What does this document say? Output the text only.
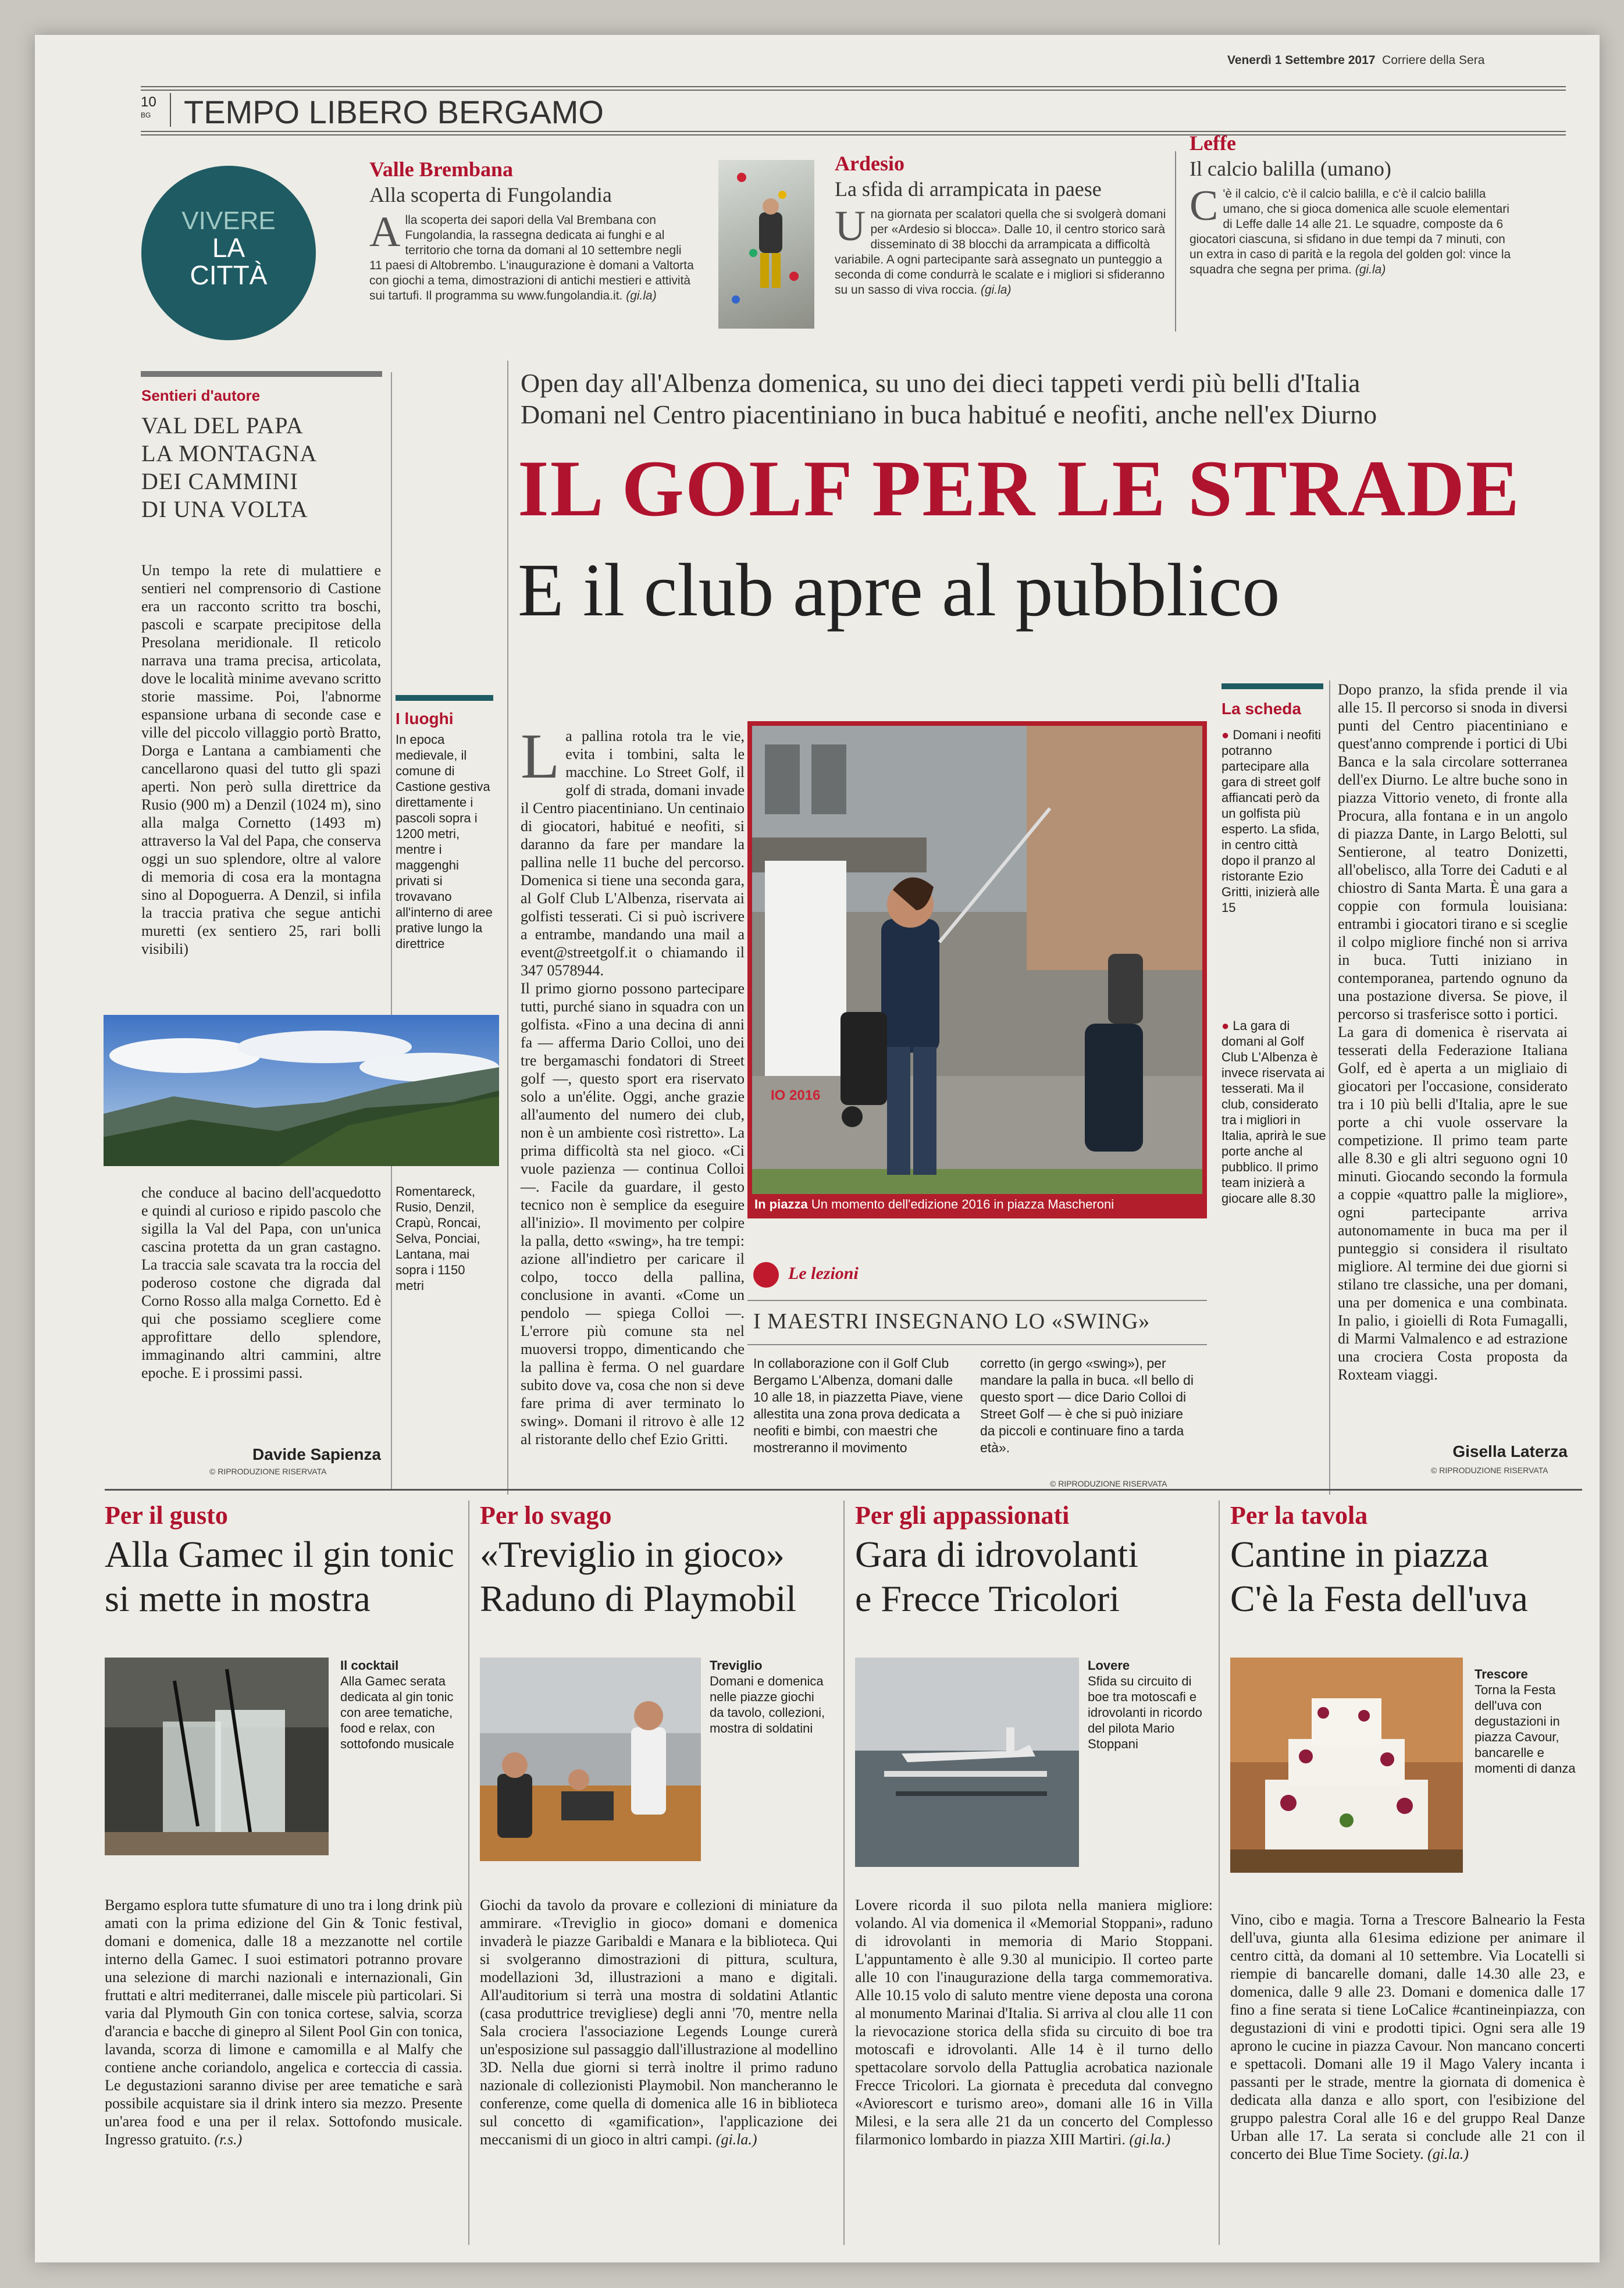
10
BG TEMPO LIBERO BERGAMO
Venerdì 1 Settembre 2017 Corriere della Sera
VIVERE
LA
CITTÀ
Valle Brembana
Alla scoperta di Fungolandia
Alla scoperta dei sapori della Val Brembana con Fungolandia, la rassegna dedicata ai funghi e al territorio che torna da domani al 10 settembre negli 11 paesi di Altobrembo. L'inaugurazione è domani a Valtorta con giochi a tema, dimostrazioni di antichi mestieri e attività sui tartufi. Il programma su www.fungolandia.it. (gi.la)
Ardesio
La sfida di arrampicata in paese
Una giornata per scalatori quella che si svolgerà domani per «Ardesio si blocca». Dalle 10, il centro storico sarà disseminato di 38 blocchi da arrampicata a difficoltà variabile. A ogni partecipante sarà assegnato un punteggio a seconda di come condurrà le scalate e i migliori si sfideranno su un sasso di viva roccia. (gi.la)
Leffe
Il calcio balilla (umano)
C 'è il calcio, c'è il calcio balilla, e c'è il calcio balilla umano, che si gioca domenica alle scuole elementari di Leffe dalle 14 alle 21. Le squadre, composte da 6 giocatori ciascuna, si sfidano in due tempi da 7 minuti, con un extra in caso di parità e la regola del golden gol: vince la squadra che segna per prima. (gi.la)
Sentieri d'autore
VAL DEL PAPA
LA MONTAGNA
DEI CAMMINI
DI UNA VOLTA
Un tempo la rete di mulattiere e sentieri nel comprensorio di Castione era un racconto scritto tra boschi, pascoli e scarpate precipitose della Presolana meridionale. Il reticolo narrava una trama precisa, articolata, dove le località minime avevano scritto storie massime. Poi, l'abnorme espansione urbana di seconde case e ville del piccolo villaggio portò Bratto, Dorga e Lantana a cambiamenti che cancellarono quasi del tutto gli spazi aperti. Non però sulla direttrice da Rusio (900 m) a Denzil (1024 m), sino alla malga Cornetto (1493 m) attraverso la Val del Papa, che conserva oggi un suo splendore, oltre al valore di memoria di cosa era la montagna sino al Dopoguerra. A Denzil, si infila la traccia prativa che segue antichi muretti (ex sentiero 25, rari bolli visibili)
I luoghi
In epoca medievale, il comune di Castione gestiva direttamente i pascoli sopra i 1200 metri, mentre i maggenghi privati si trovavano all'interno di aree prative lungo la direttrice
che conduce al bacino dell'acquedotto e quindi al curioso e ripido pascolo che sigilla la Val del Papa, con un'unica cascina protetta da un gran castagno. La traccia sale scavata tra la roccia del poderoso costone che digrada dal Corno Rosso alla malga Cornetto. Ed è qui che possiamo scegliere come approfittare dello splendore, immaginando altri cammini, altre epoche. E i prossimi passi.
Davide Sapienza
© RIPRODUZIONE RISERVATA
Romentareck, Rusio, Denzil, Crapù, Roncai, Selva, Ponciai, Lantana, mai sopra i 1150 metri
Open day all'Albenza domenica, su uno dei dieci tappeti verdi più belli d'Italia
Domani nel Centro piacentiniano in buca habitué e neofiti, anche nell'ex Diurno
IL GOLF PER LE STRADE
E il club apre al pubblico
La pallina rotola tra le vie, evita i tombini, salta le macchine. Lo Street Golf, il golf di strada, domani invade il Centro piacentiniano. Un centinaio di giocatori, habitué e neofiti, si daranno da fare per mandare la pallina nelle 11 buche del percorso. Domenica si tiene una seconda gara, al Golf Club L'Albenza, riservata ai golfisti tesserati. Ci si può iscrivere a entrambe, mandando una mail a event@streetgolf.it o chiamando il 347 0578944.
Il primo giorno possono partecipare tutti, purché siano in squadra con un golfista. «Fino a una decina di anni fa — afferma Dario Colloi, uno dei tre bergamaschi fondatori di Street golf —, questo sport era riservato solo a un'élite. Oggi, anche grazie all'aumento del numero dei club, non è un ambiente così ristretto». La prima difficoltà sta nel gioco. «Ci vuole pazienza — continua Colloi —. Facile da guardare, il gesto tecnico non è semplice da eseguire all'inizio». Il movimento per colpire la palla, detto «swing», ha tre tempi: azione all'indietro per caricare il colpo, tocco della pallina, conclusione in avanti. «Come un pendolo — spiega Colloi —. L'errore più comune sta nel muoversi troppo, dimenticando che la pallina è ferma. O nel guardare subito dove va, cosa che non si deve fare prima di aver terminato lo swing». Domani il ritrovo è alle 12 al ristorante dello chef Ezio Gritti.
IO 2016
In piazza Un momento dell'edizione 2016 in piazza Mascheroni
Le lezioni
I MAESTRI INSEGNANO LO «SWING»
In collaborazione con il Golf Club Bergamo L'Albenza, domani dalle 10 alle 18, in piazzetta Piave, viene allestita una zona prova dedicata a neofiti e bimbi, con maestri che mostreranno il movimento
corretto (in gergo «swing»), per mandare la palla in buca. «Il bello di questo sport — dice Dario Colloi di Street Golf — è che si può iniziare da piccoli e continuare fino a tarda età».
© RIPRODUZIONE RISERVATA
La scheda
● Domani i neofiti potranno partecipare alla gara di street golf affiancati però da un golfista più esperto. La sfida, in centro città dopo il pranzo al ristorante Ezio Gritti, inizierà alle 15
● La gara di domani al Golf Club L'Albenza è invece riservata ai tesserati. Ma il club, considerato tra i migliori in Italia, aprirà le sue porte anche al pubblico. Il primo team inizierà a giocare alle 8.30
Dopo pranzo, la sfida prende il via alle 15. Il percorso si snoda in diversi punti del Centro piacentiniano e quest'anno comprende i portici di Ubi Banca e la sala circolare sotterranea dell'ex Diurno. Le altre buche sono in piazza Vittorio veneto, di fronte alla Procura, alla fontana e in un angolo di piazza Dante, in Largo Belotti, sul Sentierone, al teatro Donizetti, all'obelisco, alla Torre dei Caduti e al chiostro di Santa Marta. È una gara a coppie con formula louisiana: entrambi i giocatori tirano e si sceglie il colpo migliore finché non si arriva in buca. Tutti iniziano in contemporanea, partendo ognuno da una postazione diversa. Se piove, il percorso si trasferisce sotto i portici.
La gara di domenica è riservata ai tesserati della Federazione Italiana Golf, ed è aperta a un migliaio di giocatori per l'occasione, considerato tra i 10 più belli d'Italia, apre le sue porte a chi vuole osservare la competizione. Il primo team parte alle 8.30 e gli altri seguono ogni 10 minuti. Giocando secondo la formula a coppie «quattro palle la migliore», ogni partecipante arriva autonomamente in buca ma per il punteggio si considera il risultato migliore. Al termine dei due giorni si stilano tre classiche, una per domani, una per domenica e una combinata. In palio, i gioielli di Rota Fumagalli, di Marmi Valmalenco e ad estrazione una crociera Costa proposta da Roxteam viaggi.
Gisella Laterza
© RIPRODUZIONE RISERVATA
Per il gusto
Alla Gamec il gin tonic
si mette in mostra
Il cocktail
Alla Gamec serata dedicata al gin tonic con aree tematiche, food e relax, con sottofondo musicale
Bergamo esplora tutte sfumature di uno tra i long drink più amati con la prima edizione del Gin & Tonic festival, domani e domenica, dalle 18 a mezzanotte nel cortile interno della Gamec. I suoi estimatori potranno provare una selezione di marchi nazionali e internazionali, Gin fruttati e altri mediterranei, dalle miscele più particolari. Si varia dal Plymouth Gin con tonica cortese, salvia, scorza d'arancia e bacche di ginepro al Silent Pool Gin con tonica, lavanda, scorza di limone e camomilla e al Malfy che contiene anche coriandolo, angelica e corteccia di cassia. Le degustazioni saranno divise per aree tematiche e sarà possibile acquistare sia il drink intero sia mezzo. Presente un'area food e una per il relax. Sottofondo musicale. Ingresso gratuito. (r.s.)
Per lo svago
«Treviglio in gioco»
Raduno di Playmobil
Treviglio
Domani e domenica nelle piazze giochi da tavolo, collezioni, mostra di soldatini
Giochi da tavolo da provare e collezioni di miniature da ammirare. «Treviglio in gioco» domani e domenica invaderà le piazze Garibaldi e Manara e la biblioteca. Qui si svolgeranno dimostrazioni di pittura, scultura, modellazioni 3d, illustrazioni a mano e digitali. All'auditorium si terrà una mostra di soldatini Atlantic (casa produttrice trevigliese) degli anni '70, mentre nella Sala crociera l'associazione Legends Lounge curerà un'esposizione sul passaggio dall'illustrazione al modellino 3D. Nella due giorni si terrà inoltre il primo raduno nazionale di collezionisti Playmobil. Non mancheranno le conferenze, come quella di domenica alle 16 in biblioteca sul concetto di «gamification», l'applicazione dei meccanismi di un gioco in altri campi. (gi.la.)
Per gli appassionati
Gara di idrovolanti
e Frecce Tricolori
Lovere
Sfida su circuito di boe tra motoscafi e idrovolanti in ricordo del pilota Mario Stoppani
Lovere ricorda il suo pilota nella maniera migliore: volando. Al via domenica il «Memorial Stoppani», raduno di idrovolanti in memoria di Mario Stoppani. L'appuntamento è alle 9.30 al municipio. Il corteo parte alle 10 con l'inaugurazione della targa commemorativa. Alle 10.15 volo di saluto mentre viene deposta una corona al monumento Marinai d'Italia. Si arriva al clou alle 11 con la rievocazione storica della sfida su circuito di boe tra motoscafi e idrovolanti. Alle 14 è il turno dello spettacolare sorvolo della Pattuglia acrobatica nazionale Frecce Tricolori. La giornata è preceduta dal convegno «Aviorescort e turismo areo», domani alle 16 in Villa Milesi, e la sera alle 21 da un concerto del Complesso filarmonico lombardo in piazza XIII Martiri. (gi.la.)
Per la tavola
Cantine in piazza
C'è la Festa dell'uva
Trescore
Torna la Festa dell'uva con degustazioni in piazza Cavour, bancarelle e momenti di danza
Vino, cibo e magia. Torna a Trescore Balneario la Festa dell'uva, giunta alla 61esima edizione per animare il centro città, da domani al 10 settembre. Via Locatelli si riempie di bancarelle domani, dalle 14.30 alle 23, e domenica, dalle 9 alle 23. Domani e domenica dalle 17 fino a fine serata si tiene LoCalice #cantineinpiazza, con degustazioni di vini e prodotti tipici. Ogni sera alle 19 aprono le cucine in piazza Cavour. Non mancano concerti e spettacoli. Domani alle 19 il Mago Valery incanta i passanti per le strade, mentre la giornata di domenica è dedicata alla danza e allo sport, con l'esibizione del gruppo palestra Coral alle 16 e del gruppo Real Danze Urban alle 17. La serata si conclude alle 21 con il concerto dei Blue Time Society. (gi.la.)
